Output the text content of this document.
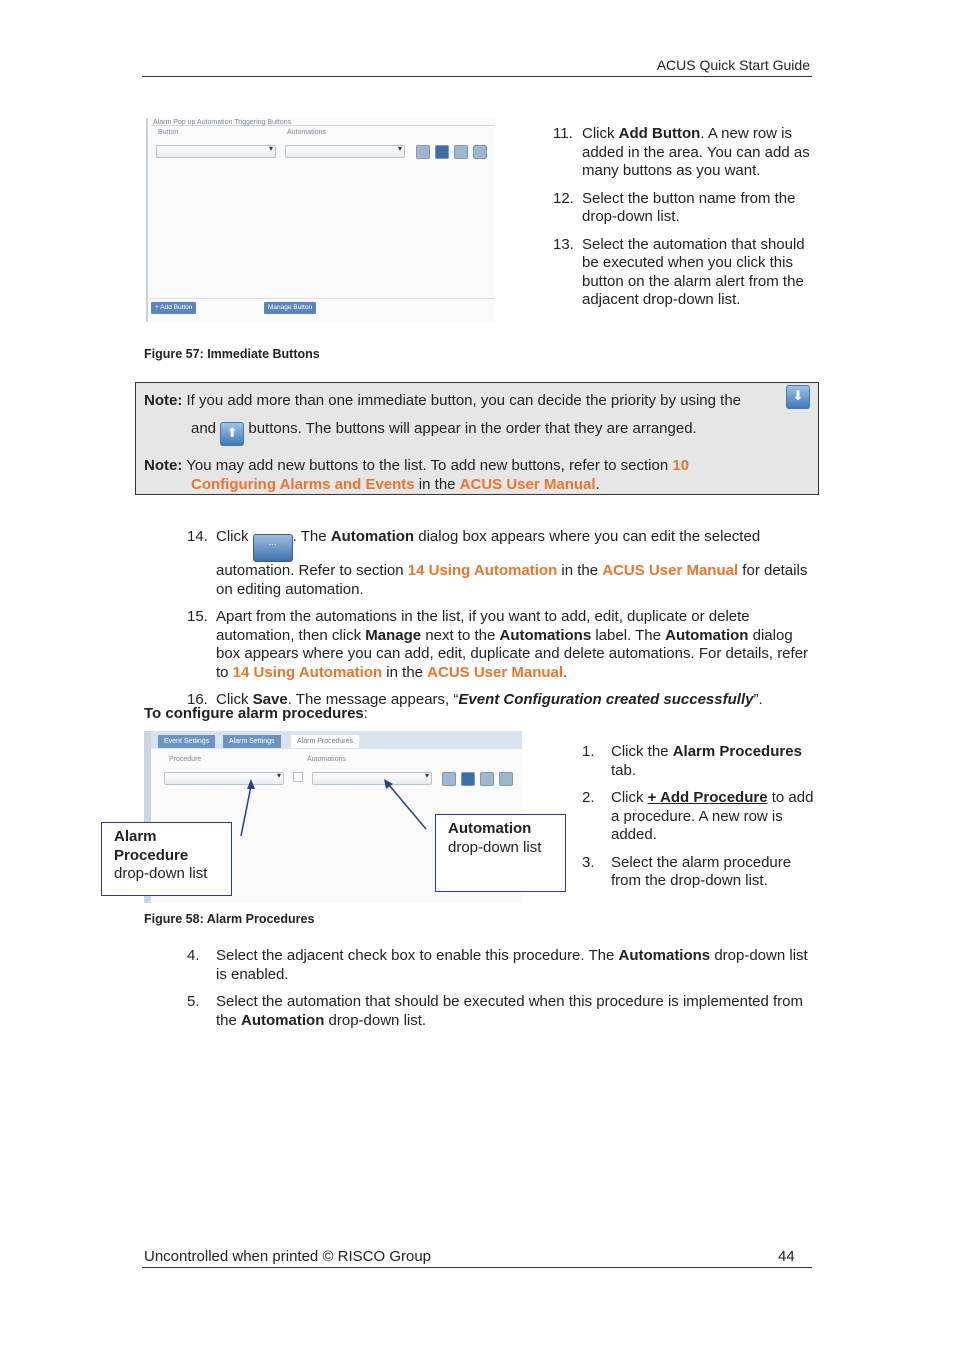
ACUS Quick Start Guide
Alarm Pop up Automation Triggering Buttons
Button	Automations
▾
▾
+ Add Button	Manage Button
11. Click Add Button. A new row is added in the area. You can add as many buttons as you want.
12. Select the button name from the drop-down list.
13. Select the automation that should be executed when you click this button on the alarm alert from the adjacent drop-down list.
Figure 57: Immediate Buttons

Note: If you add more than one immediate button, you can decide the priority by using the	⬇

and ⬆ buttons. The buttons will appear in the order that they are arranged.

Note: You may add new buttons to the list. To add new buttons, refer to section 10

Configuring Alarms and Events in the ACUS User Manual.

14. Click ... . The Automation dialog box appears where you can edit the selected automation. Refer to section 14 Using Automation in the ACUS User Manual for details on editing automation.
15. Apart from the automations in the list, if you want to add, edit, duplicate or delete automation, then click Manage next to the Automations label. The Automation dialog box appears where you can add, edit, duplicate and delete automations. For details, refer to 14 Using Automation in the ACUS User Manual.
16. Click Save. The message appears, “Event Configuration created successfully”.
To configure alarm procedures:
Event Settings	Alarm Settings	Alarm Procedures
Procedure	Automations
▾
▾
Alarm Procedure
drop-down list
Automation
drop-down list
1. Click the Alarm Procedures tab.
2. Click + Add Procedure to add a procedure. A new row is added.
3. Select the alarm procedure from the drop-down list.
Figure 58: Alarm Procedures
4. Select the adjacent check box to enable this procedure. The Automations drop-down list is enabled.
5. Select the automation that should be executed when this procedure is implemented from the Automation drop-down list.
Uncontrolled when printed © RISCO Group	44
